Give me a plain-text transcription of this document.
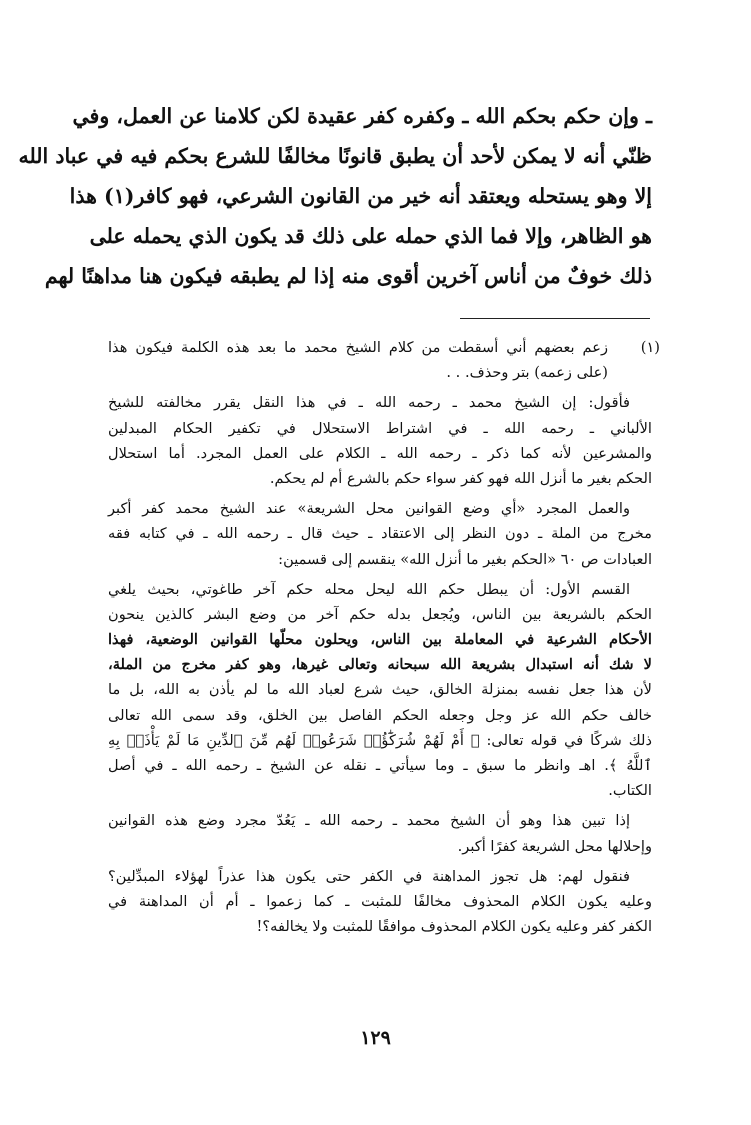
ـ وإن حكم بحكم الله ـ وكفره كفر عقيدة لكن كلامنا عن العمل، وفي
ظنّي أنه لا يمكن لأحد أن يطبق قانونًا مخالفًا للشرع بحكم فيه في عباد الله
إلا وهو يستحله ويعتقد أنه خير من القانون الشرعي، فهو كافر(١) هذا
هو الظاهر، وإلا فما الذي حمله على ذلك قد يكون الذي يحمله على
ذلك خوفٌ من أناس آخرين أقوى منه إذا لم يطبقه فيكون هنا مداهنًا لهم
(١)
زعم بعضهم أني أسقطت من كلام الشيخ محمد ما بعد هذه الكلمة فيكون هذا
(على زعمه) بتر وحذف. . .
فأقول: إن الشيخ محمد ـ رحمه الله ـ في هذا النقل يقرر مخالفته للشيخ
الألباني ـ رحمه الله ـ في اشتراط الاستحلال في تكفير الحكام المبدلين
والمشرعين لأنه كما ذكر ـ رحمه الله ـ الكلام على العمل المجرد. أما استحلال
الحكم بغير ما أنزل الله فهو كفر سواء حكم بالشرع أم لم يحكم.
والعمل المجرد «أي وضع القوانين محل الشريعة» عند الشيخ محمد كفر أكبر
مخرج من الملة ـ دون النظر إلى الاعتقاد ـ حيث قال ـ رحمه الله ـ في كتابه فقه
العبادات ص ٦٠ «الحكم بغير ما أنزل الله» ينقسم إلى قسمين:
القسم الأول: أن يبطل حكم الله ليحل محله حكم آخر طاغوتي، بحيث يلغي
الحكم بالشريعة بين الناس، ويُجعل بدله حكم آخر من وضع البشر كالذين ينحون
الأحكام الشرعية في المعاملة بين الناس، ويحلون محلّها القوانين الوضعية، فهذا
لا شك أنه استبدال بشريعة الله سبحانه وتعالى غيرها، وهو كفر مخرج من الملة،
لأن هذا جعل نفسه بمنزلة الخالق، حيث شرع لعباد الله ما لم يأذن به الله، بل ما
خالف حكم الله عز وجل وجعله الحكم الفاصل بين الخلق، وقد سمى الله تعالى
ذلك شركًا في قوله تعالى: ﴿ أَمْ لَهُمْ شُرَكَٰٓؤُا۟ شَرَعُوا۟ لَهُم مِّنَ ٱلدِّينِ مَا لَمْ يَأْذَنۢ بِهِ
ٱللَّهُ ﴾. اهـ وانظر ما سبق ـ وما سيأتي ـ نقله عن الشيخ ـ رحمه الله ـ في أصل
الكتاب.
إذا تبين هذا وهو أن الشيخ محمد ـ رحمه الله ـ يَعُدّ مجرد وضع هذه القوانين
وإحلالها محل الشريعة كفرًا أكبر.
فنقول لهم: هل تجوز المداهنة في الكفر حتى يكون هذا عذراً لهؤلاء المبدِّلين؟
وعليه يكون الكلام المحذوف مخالفًا للمثبت ـ كما زعموا ـ أم أن المداهنة في
الكفر كفر وعليه يكون الكلام المحذوف موافقًا للمثبت ولا يخالفه؟!
١٢٩
